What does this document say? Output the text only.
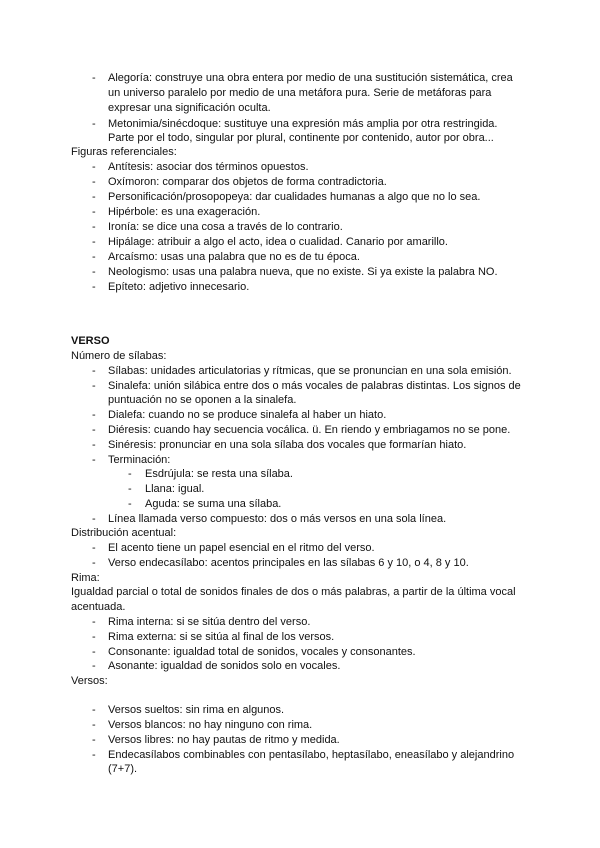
- Alegoría: construye una obra entera por medio de una sustitución sistemática, crea
un universo paralelo por medio de una metáfora pura. Serie de metáforas para
expresar una significación oculta.
- Metonimia/sinécdoque: sustituye una expresión más amplia por otra restringida.
Parte por el todo, singular por plural, continente por contenido, autor por obra...
Figuras referenciales:
- Antítesis: asociar dos términos opuestos.
- Oxímoron: comparar dos objetos de forma contradictoria.
- Personificación/prosopopeya: dar cualidades humanas a algo que no lo sea.
- Hipérbole: es una exageración.
- Ironía: se dice una cosa a través de lo contrario.
- Hipálage: atribuir a algo el acto, idea o cualidad. Canario por amarillo.
- Arcaísmo: usas una palabra que no es de tu época.
- Neologismo: usas una palabra nueva, que no existe. Si ya existe la palabra NO.
- Epíteto: adjetivo innecesario.
VERSO
Número de sílabas:
- Sílabas: unidades articulatorias y rítmicas, que se pronuncian en una sola emisión.
- Sinalefa: unión silábica entre dos o más vocales de palabras distintas. Los signos de
puntuación no se oponen a la sinalefa.
- Dialefa: cuando no se produce sinalefa al haber un hiato.
- Diéresis: cuando hay secuencia vocálica. ü. En riendo y embriagamos no se pone.
- Sinéresis: pronunciar en una sola sílaba dos vocales que formarían hiato.
- Terminación:
- Esdrújula: se resta una sílaba.
- Llana: igual.
- Aguda: se suma una sílaba.
- Línea llamada verso compuesto: dos o más versos en una sola línea.
Distribución acentual:
- El acento tiene un papel esencial en el ritmo del verso.
- Verso endecasílabo: acentos principales en las sílabas 6 y 10, o 4, 8 y 10.
Rima:
Igualdad parcial o total de sonidos finales de dos o más palabras, a partir de la última vocal
acentuada.
- Rima interna: si se sitúa dentro del verso.
- Rima externa: si se sitúa al final de los versos.
- Consonante: igualdad total de sonidos, vocales y consonantes.
- Asonante: igualdad de sonidos solo en vocales.
Versos:
- Versos sueltos: sin rima en algunos.
- Versos blancos: no hay ninguno con rima.
- Versos libres: no hay pautas de ritmo y medida.
- Endecasílabos combinables con pentasílabo, heptasílabo, eneasílabo y alejandrino
(7+7).
